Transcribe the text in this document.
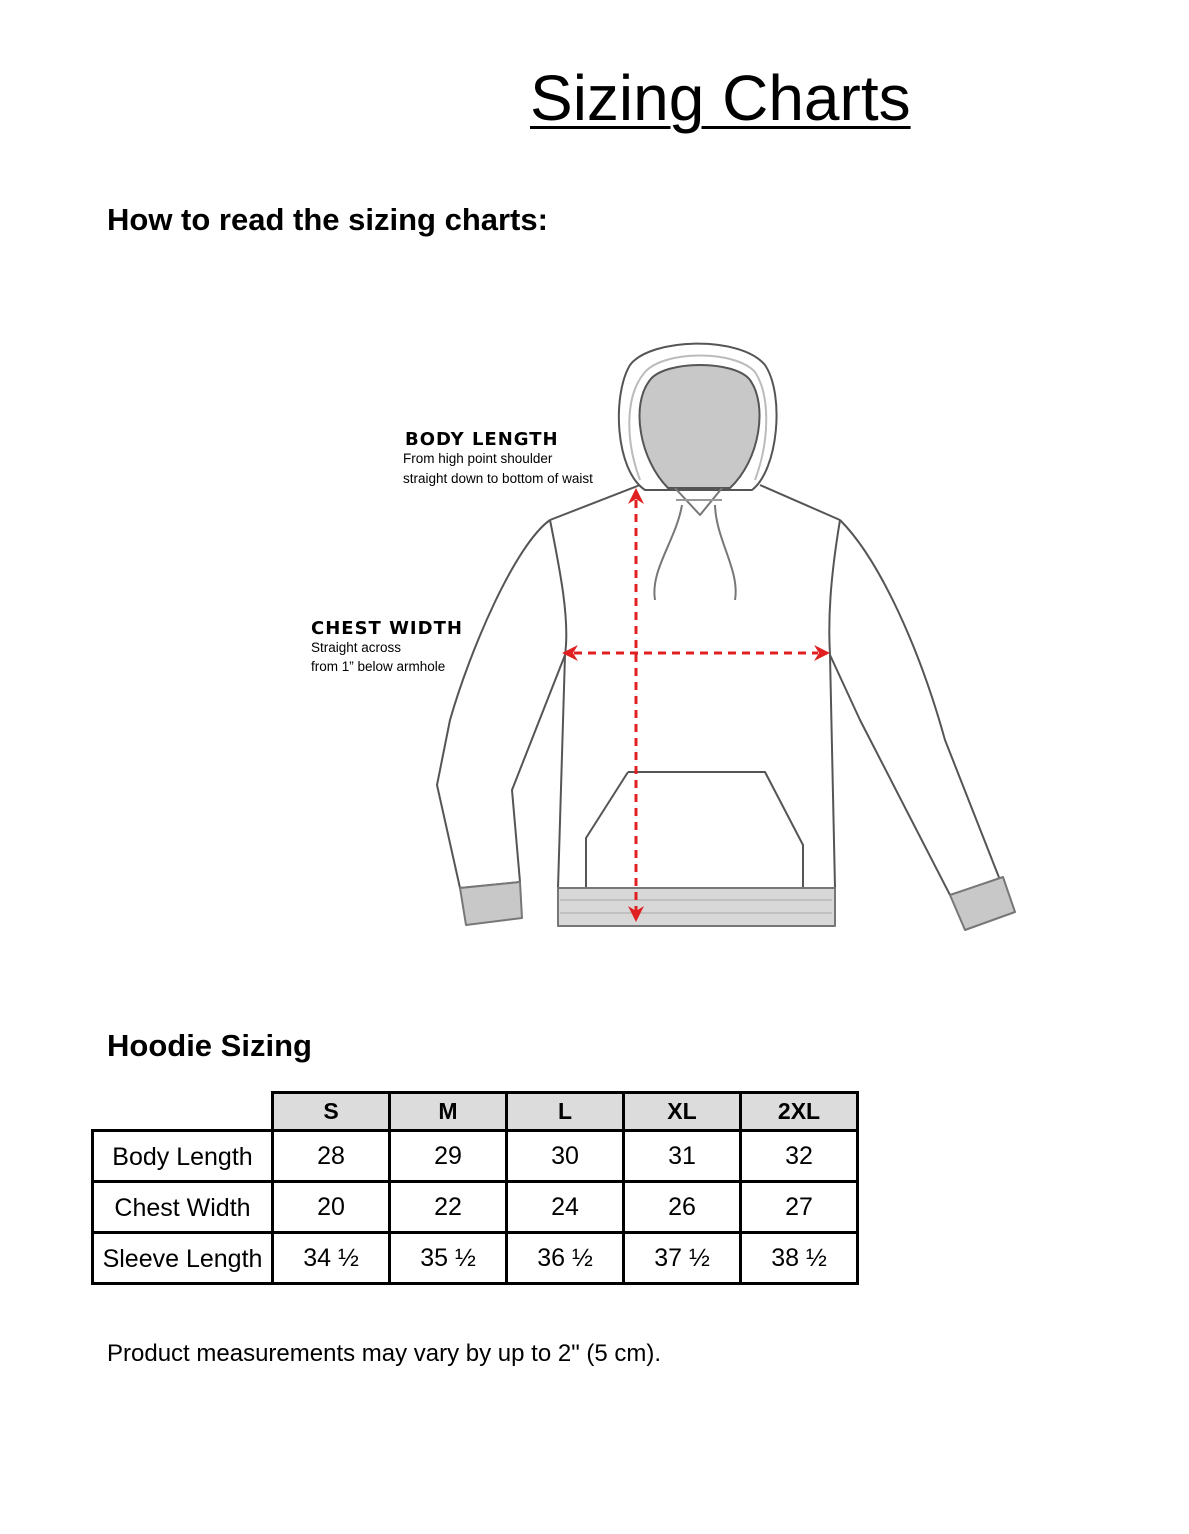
Sizing Charts
How to read the sizing charts:
BODY LENGTH
From high point shoulder
straight down to bottom of waist
CHEST WIDTH
Straight across
from 1” below armhole
Hoodie Sizing
	S	M	L	XL	2XL
Body Length	28	29	30	31	32
Chest Width	20	22	24	26	27
Sleeve Length	34 ½	35 ½	36 ½	37 ½	38 ½
Product measurements may vary by up to 2" (5 cm).
